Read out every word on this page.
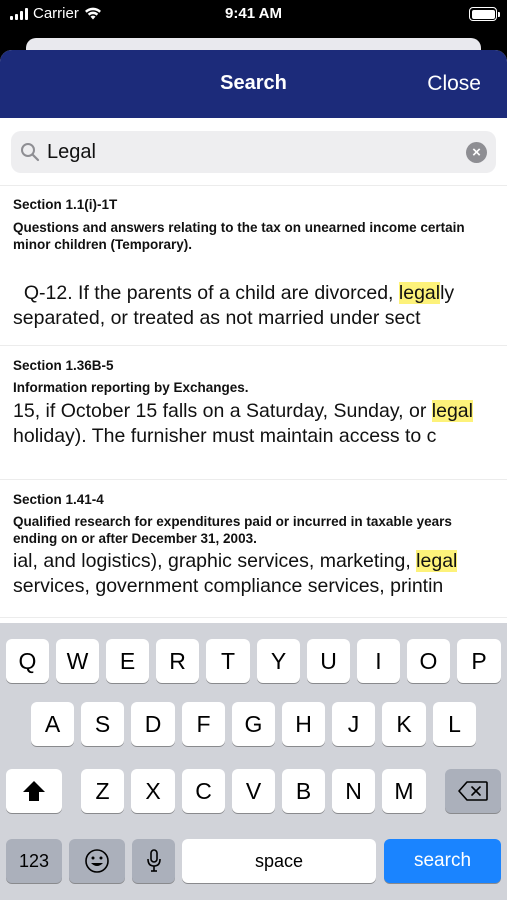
Carrier	9:41 AM
Search	Close
Legal
×
Section 1.1(i)-1T
Questions and answers relating to the tax on unearned income certain minor children (Temporary).
Q-12. If the parents of a child are divorced, legally separated, or treated as not married under sect
Section 1.36B-5
Information reporting by Exchanges.
15, if October 15 falls on a Saturday, Sunday, or legal holiday). The furnisher must maintain access to c
Section 1.41-4
Qualified research for expenditures paid or incurred in taxable years ending on or after December 31, 2003.
ial, and logistics), graphic services, marketing, legal services, government compliance services, printin
Q	W	E	R	T	Y	U	I	O	P
A	S	D	F	G	H	J	K	L
Z	X	C	V	B	N	M
123	space	search
